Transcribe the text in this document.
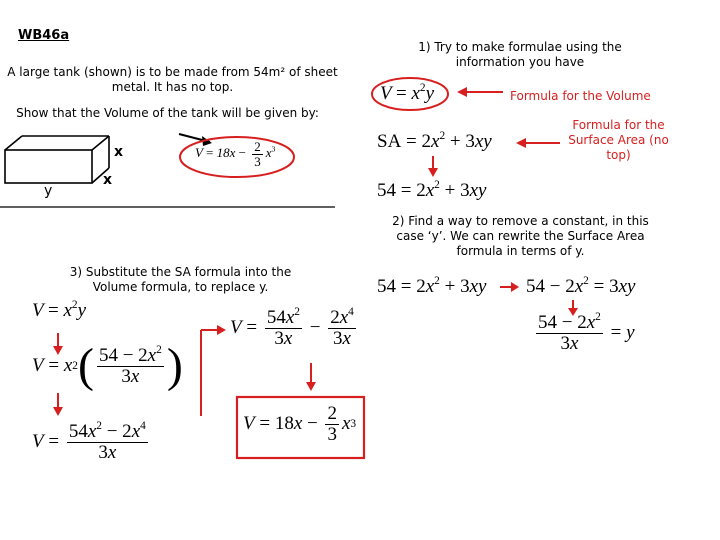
WB46a
A large tank (shown) is to be made from 54m² of sheet metal. It has no top.
Show that the Volume of the tank will be given by:
x
x
y
$V = 18x - \frac{2}{3} x^3$
3) Substitute the SA formula into the Volume formula, to replace y.
$V = x^2y$
V = x 2 ( $\frac{54 - 2x^2}{3x}$ )
$V = \frac{54x^2 - 2x^4}{3x}$
$V = \frac{54x^2}{3x} - \frac{2x^4}{3x}$
V = 18 $x - \frac{2}{3}$ x 3
1) Try to make formulae using the information you have
$V = x^2y$	Formula for the Volume
SA = $2x^2 + 3xy$
Formula for the Surface Area (no top)
$54 = 2x^2 + 3xy$
2) Find a way to remove a constant, in this case ‘y’. We can rewrite the Surface Area formula in terms of y.
$54 = 2x^2 + 3xy$ $54 - 2x^2 = 3xy$
$\frac{54 - 2x^2}{3x} = y$
